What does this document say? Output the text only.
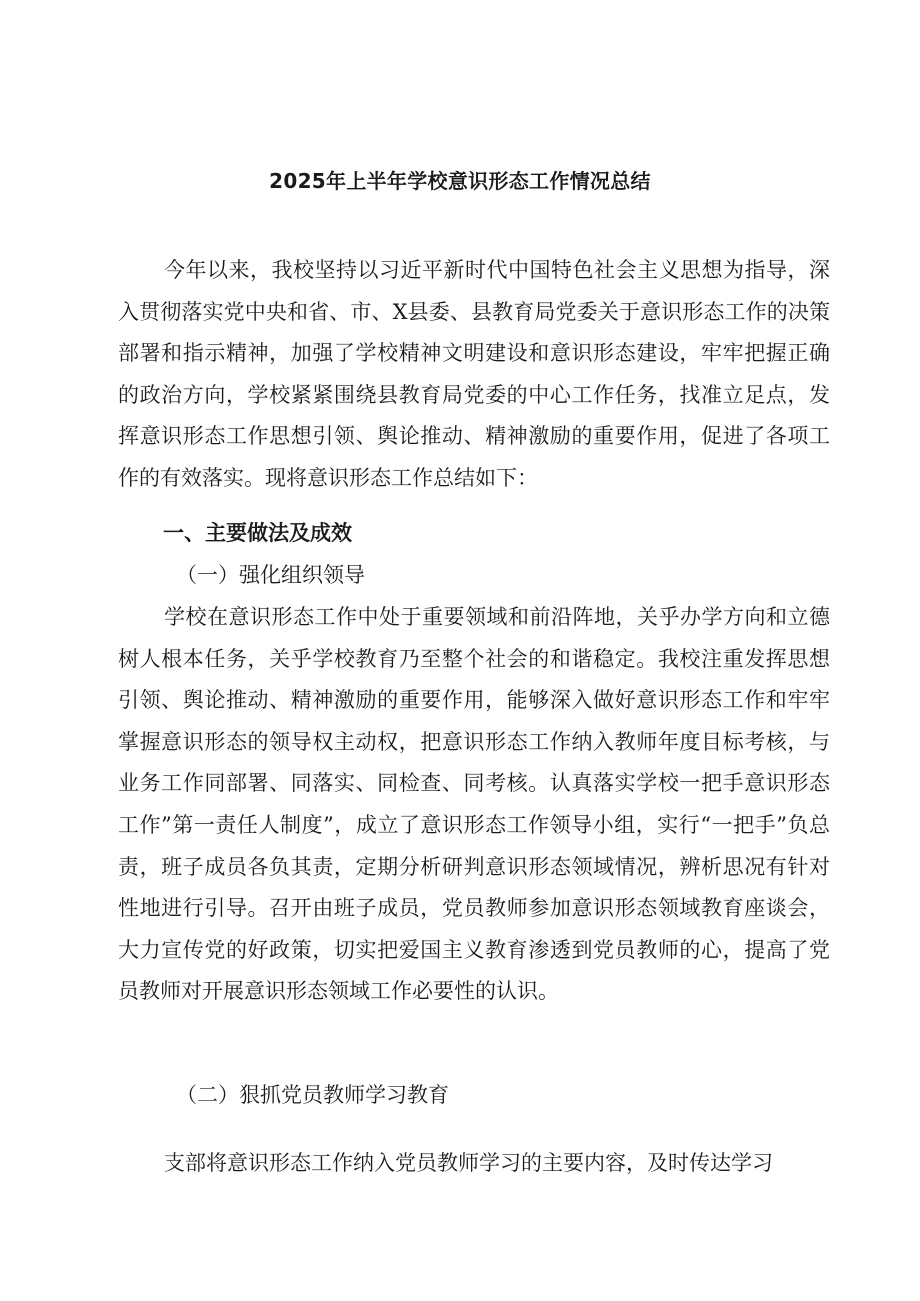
2025年上半年学校意识形态工作情况总结

今年以来，我校坚持以习近平新时代中国特色社会主义思想为指导，深入贯彻落实党中央和省、市、X县委、县教育局党委关于意识形态工作的决策部署和指示精神，加强了学校精神文明建设和意识形态建设，牢牢把握正确的政治方向，学校紧紧围绕县教育局党委的中心工作任务，找准立足点，发挥意识形态工作思想引领、舆论推动、精神激励的重要作用，促进了各项工作的有效落实。现将意识形态工作总结如下：

一、主要做法及成效

（一）强化组织领导

学校在意识形态工作中处于重要领域和前沿阵地，关乎办学方向和立德树人根本任务，关乎学校教育乃至整个社会的和谐稳定。我校注重发挥思想引领、舆论推动、精神激励的重要作用，能够深入做好意识形态工作和牢牢掌握意识形态的领导权主动权，把意识形态工作纳入教师年度目标考核，与业务工作同部署、同落实、同检查、同考核。认真落实学校一把手意识形态工作”第一责任人制度”，成立了意识形态工作领导小组，实行“一把手”负总责，班子成员各负其责，定期分析研判意识形态领域情况，辨析思况有针对性地进行引导。召开由班子成员，党员教师参加意识形态领域教育座谈会，大力宣传党的好政策，切实把爱国主义教育渗透到党员教师的心，提高了党员教师对开展意识形态领域工作必要性的认识。

（二）狠抓党员教师学习教育

支部将意识形态工作纳入党员教师学习的主要内容，及时传达学习
